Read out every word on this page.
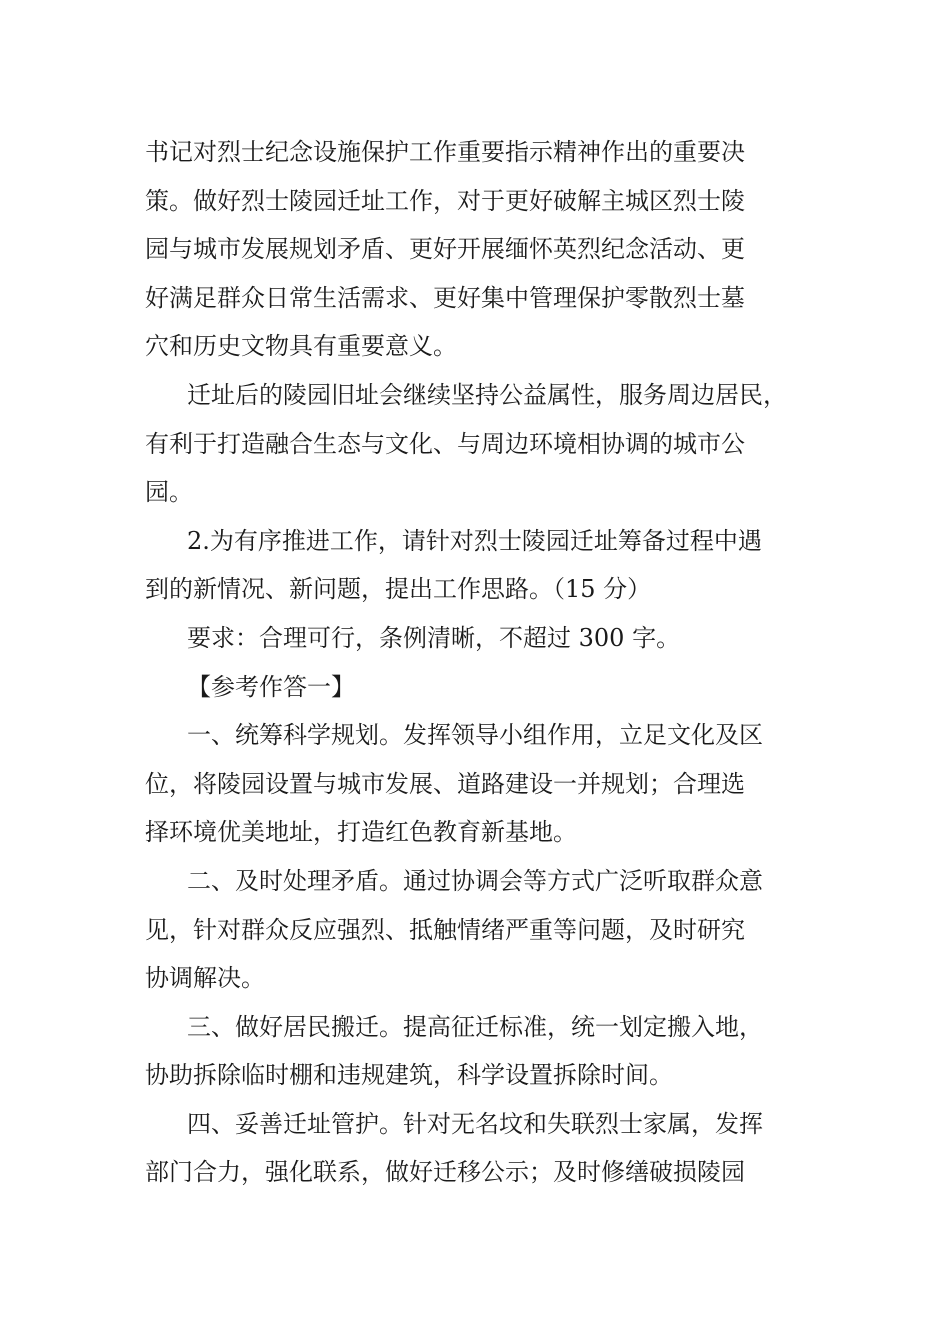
书记对烈士纪念设施保护工作重要指示精神作出的重要决
策。做好烈士陵园迁址工作，对于更好破解主城区烈士陵
园与城市发展规划矛盾、更好开展缅怀英烈纪念活动、更
好满足群众日常生活需求、更好集中管理保护零散烈士墓
穴和历史文物具有重要意义。
迁址后的陵园旧址会继续坚持公益属性，服务周边居民，
有利于打造融合生态与文化、与周边环境相协调的城市公
园。
2.为有序推进工作，请针对烈士陵园迁址筹备过程中遇
到的新情况、新问题，提出工作思路。（15 分）
要求：合理可行，条例清晰，不超过 300 字。
【参考作答一】
一、统筹科学规划。发挥领导小组作用，立足文化及区
位，将陵园设置与城市发展、道路建设一并规划；合理选
择环境优美地址，打造红色教育新基地。
二、及时处理矛盾。通过协调会等方式广泛听取群众意
见，针对群众反应强烈、抵触情绪严重等问题，及时研究
协调解决。
三、做好居民搬迁。提高征迁标准，统一划定搬入地，
协助拆除临时棚和违规建筑，科学设置拆除时间。
四、妥善迁址管护。针对无名坟和失联烈士家属，发挥
部门合力，强化联系，做好迁移公示；及时修缮破损陵园
